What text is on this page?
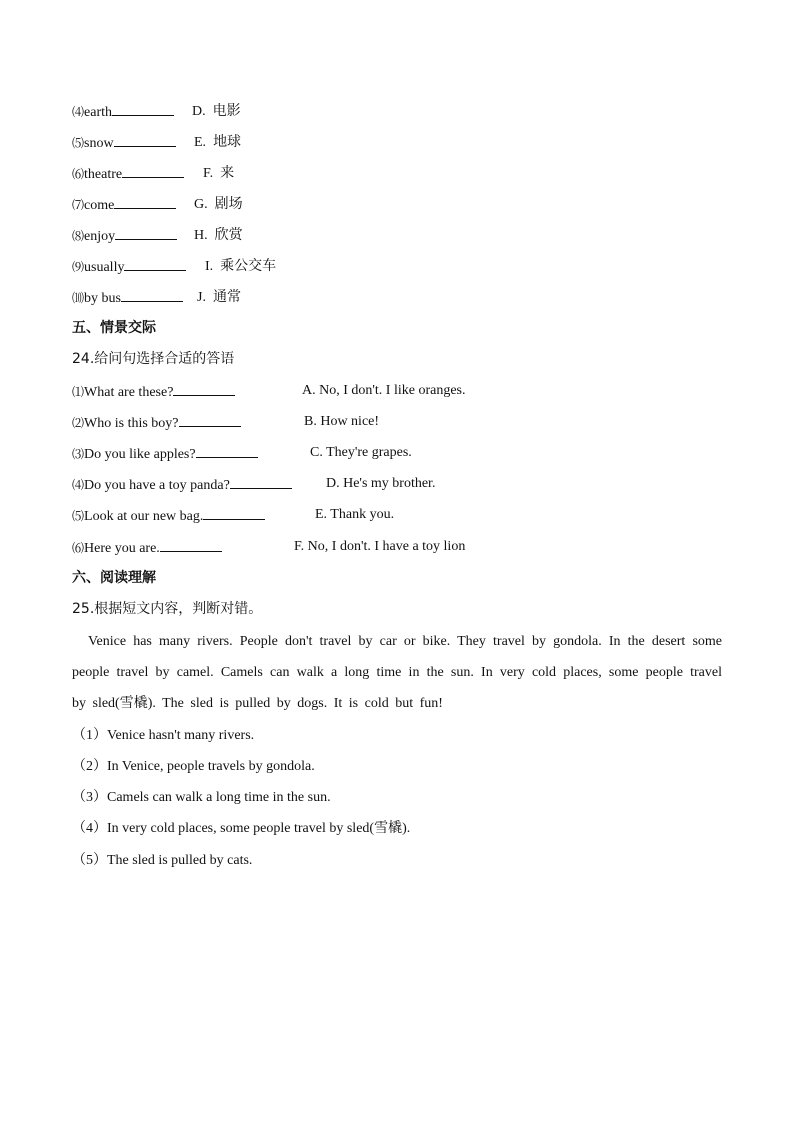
⑷earth	D. 电影
⑸snow	E. 地球
⑹theatre	F. 来
⑺come	G. 剧场
⑻enjoy	H. 欣赏
⑼usually	I. 乘公交车
⑽by bus	J. 通常
五、情景交际
24.给问句选择合适的答语
⑴What are these?	A. No, I don't. I like oranges.
⑵Who is this boy?	B. How nice!
⑶Do you like apples?	C. They're grapes.
⑷Do you have a toy panda?	D. He's my brother.
⑸Look at our new bag.	E. Thank you.
⑹Here you are.	F. No, I don't. I have a toy lion
六、阅读理解
25.根据短文内容，判断对错。
Venice has many rivers. People don't travel by car or bike. They travel by gondola. In the desert some people travel by camel. Camels can walk a long time in the sun. In very cold places, some people travel by sled(雪橇). The sled is pulled by dogs. It is cold but fun!
（1）Venice hasn't many rivers.
（2）In Venice, people travels by gondola.
（3）Camels can walk a long time in the sun.
（4）In very cold places, some people travel by sled(雪橇).
（5）The sled is pulled by cats.
